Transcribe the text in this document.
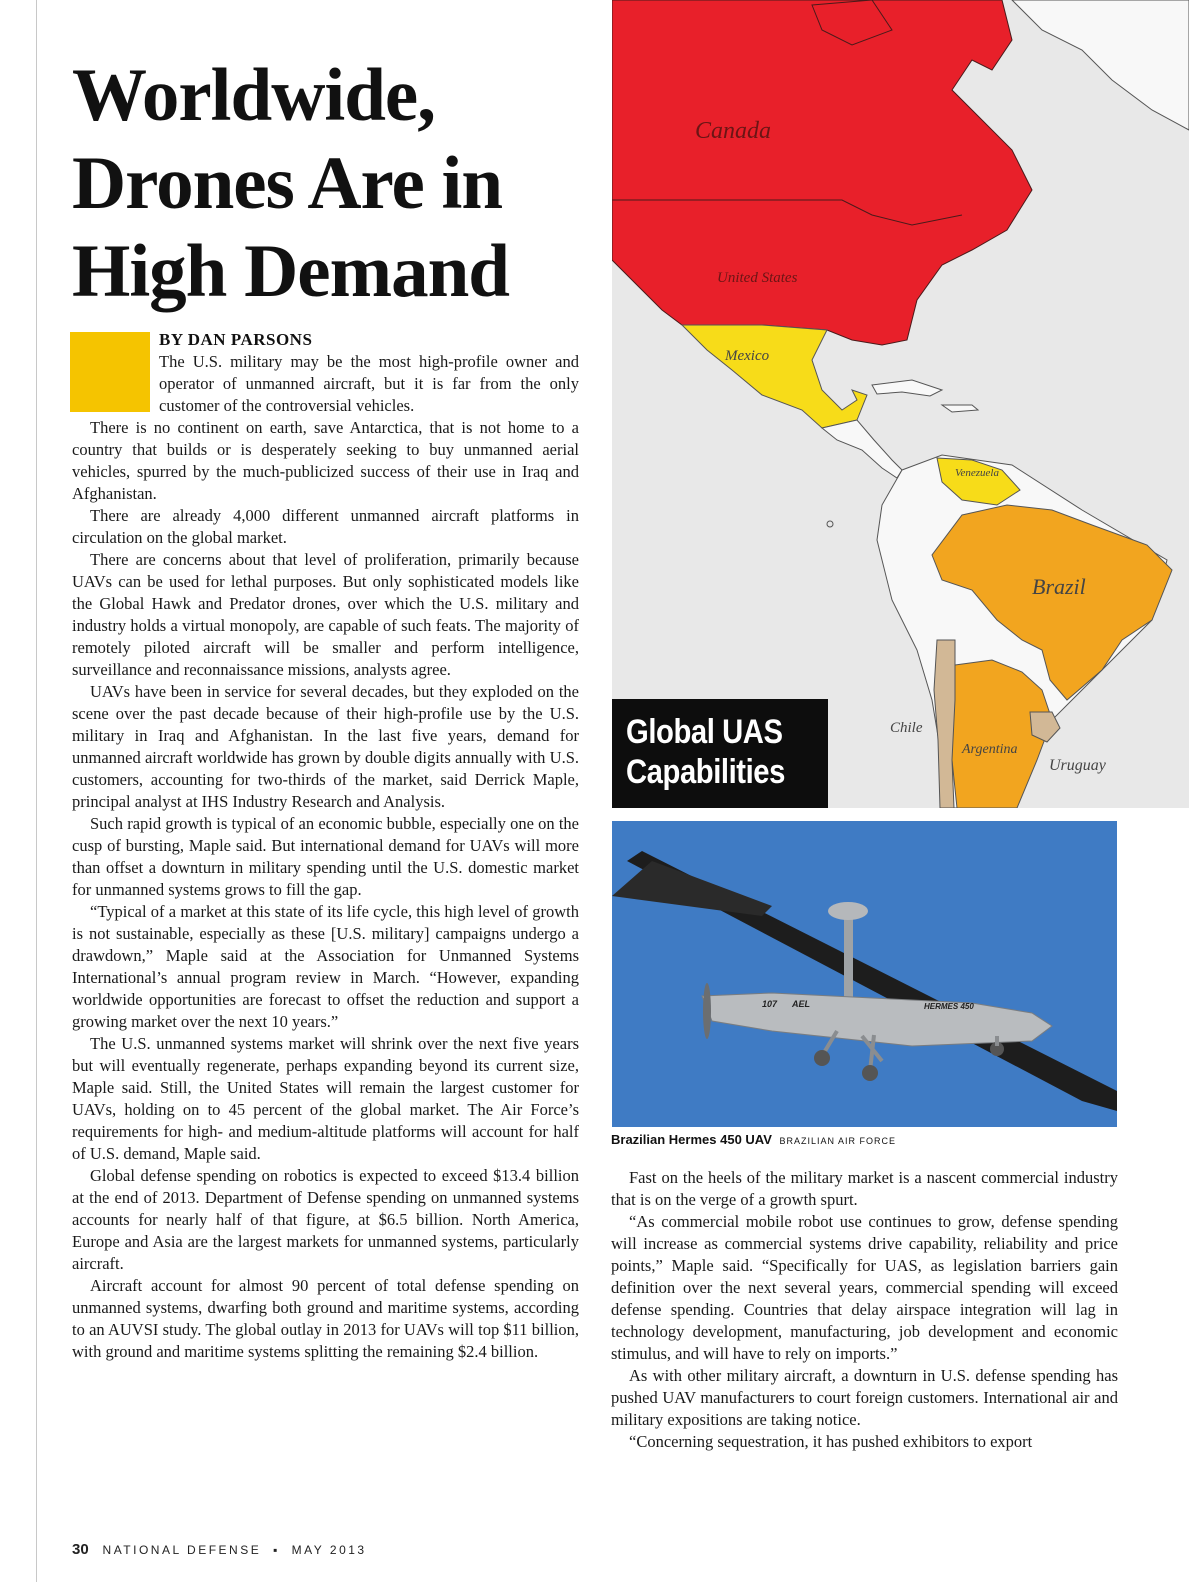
Worldwide,
Drones Are in
High Demand
BY DAN PARSONS

The U.S. military may be the most high-profile owner and operator of unmanned aircraft, but it is far from the only customer of the controversial vehicles.

There is no continent on earth, save Antarctica, that is not home to a country that builds or is desperately seeking to buy unmanned aerial vehicles, spurred by the much-publicized success of their use in Iraq and Afghanistan.

There are already 4,000 different unmanned aircraft platforms in circulation on the global market.

There are concerns about that level of proliferation, primarily because UAVs can be used for lethal purposes. But only sophisticated models like the Global Hawk and Predator drones, over which the U.S. military and industry holds a virtual monopoly, are capable of such feats. The majority of remotely piloted aircraft will be smaller and perform intelligence, surveillance and reconnaissance missions, analysts agree.

UAVs have been in service for several decades, but they exploded on the scene over the past decade because of their high-profile use by the U.S. military in Iraq and Afghanistan. In the last five years, demand for unmanned aircraft worldwide has grown by double digits annually with U.S. customers, accounting for two-thirds of the market, said Derrick Maple, principal analyst at IHS Industry Research and Analysis.

Such rapid growth is typical of an economic bubble, especially one on the cusp of bursting, Maple said. But international demand for UAVs will more than offset a downturn in military spending until the U.S. domestic market for unmanned systems grows to fill the gap.

“Typical of a market at this state of its life cycle, this high level of growth is not sustainable, especially as these [U.S. military] campaigns undergo a drawdown,” Maple said at the Association for Unmanned Systems International’s annual program review in March. “However, expanding worldwide opportunities are forecast to offset the reduction and support a growing market over the next 10 years.”

The U.S. unmanned systems market will shrink over the next five years but will eventually regenerate, perhaps expanding beyond its current size, Maple said. Still, the United States will remain the largest customer for UAVs, holding on to 45 percent of the global market. The Air Force’s requirements for high- and medium-altitude platforms will account for half of U.S. demand, Maple said.

Global defense spending on robotics is expected to exceed $13.4 billion at the end of 2013. Department of Defense spending on unmanned systems accounts for nearly half of that figure, at $6.5 billion. North America, Europe and Asia are the largest markets for unmanned systems, particularly aircraft.

Aircraft account for almost 90 percent of total defense spending on unmanned systems, dwarfing both ground and maritime systems, according to an AUVSI study. The global outlay in 2013 for UAVs will top $11 billion, with ground and maritime systems splitting the remaining $2.4 billion.

Canada
United States
Mexico
Venezuela
Brazil
Chile
Argentina
Uruguay
Global UAS
Capabilities
107 AEL	HERMES 450
Brazilian Hermes 450 UAV BRAZILIAN AIR FORCE

Fast on the heels of the military market is a nascent commercial industry that is on the verge of a growth spurt.

“As commercial mobile robot use continues to grow, defense spending will increase as commercial systems drive capability, reliability and price points,” Maple said. “Specifically for UAS, as legislation barriers gain definition over the next several years, commercial spending will exceed defense spending. Countries that delay airspace integration will lag in technology development, manufacturing, job development and economic stimulus, and will have to rely on imports.”

As with other military aircraft, a downturn in U.S. defense spending has pushed UAV manufacturers to court foreign customers. International air and military expositions are taking notice.

“Concerning sequestration, it has pushed exhibitors to export

30 NATIONAL DEFENSE ▪ MAY 2013
